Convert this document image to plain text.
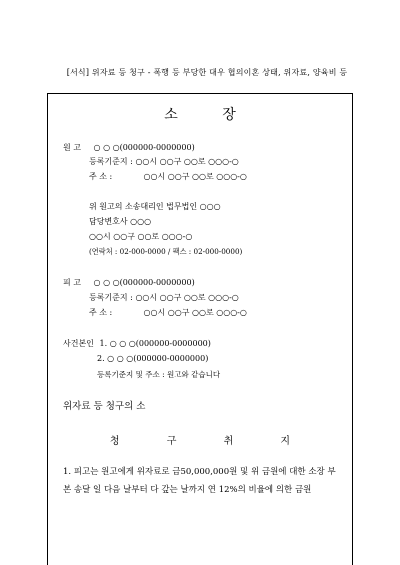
[서식] 위자료 등 청구 - 폭행 등 부당한 대우 협의이혼 상태, 위자료, 양육비 등
소 장
원 고 ○ ○ ○(000000-0000000)
등록기준지 : ○○시 ○○구 ○○로 ○○○-○
주 소 :	○○시 ○○구 ○○로 ○○○-○
위 원고의 소송대리인 법무법인 ○○○
담당변호사 ○○○
○○시 ○○구 ○○로 ○○○-○
(연락처 : 02-000-0000 / 팩스 : 02-000-0000)
피 고 ○ ○ ○(000000-0000000)
등록기준지 : ○○시 ○○구 ○○로 ○○○-○
주 소 :	○○시 ○○구 ○○로 ○○○-○
사건본인 1. ○ ○ ○(000000-0000000)
2. ○ ○ ○(000000-0000000)
등록기준지 및 주소 : 원고와 같습니다
위자료 등 청구의 소
청 구 취 지
1. 피고는 원고에게 위자료로 금50,000,000원 및 위 금원에 대한 소장 부본 송달 일 다음 날부터 다 갚는 날까지 연 12%의 비율에 의한 금원
